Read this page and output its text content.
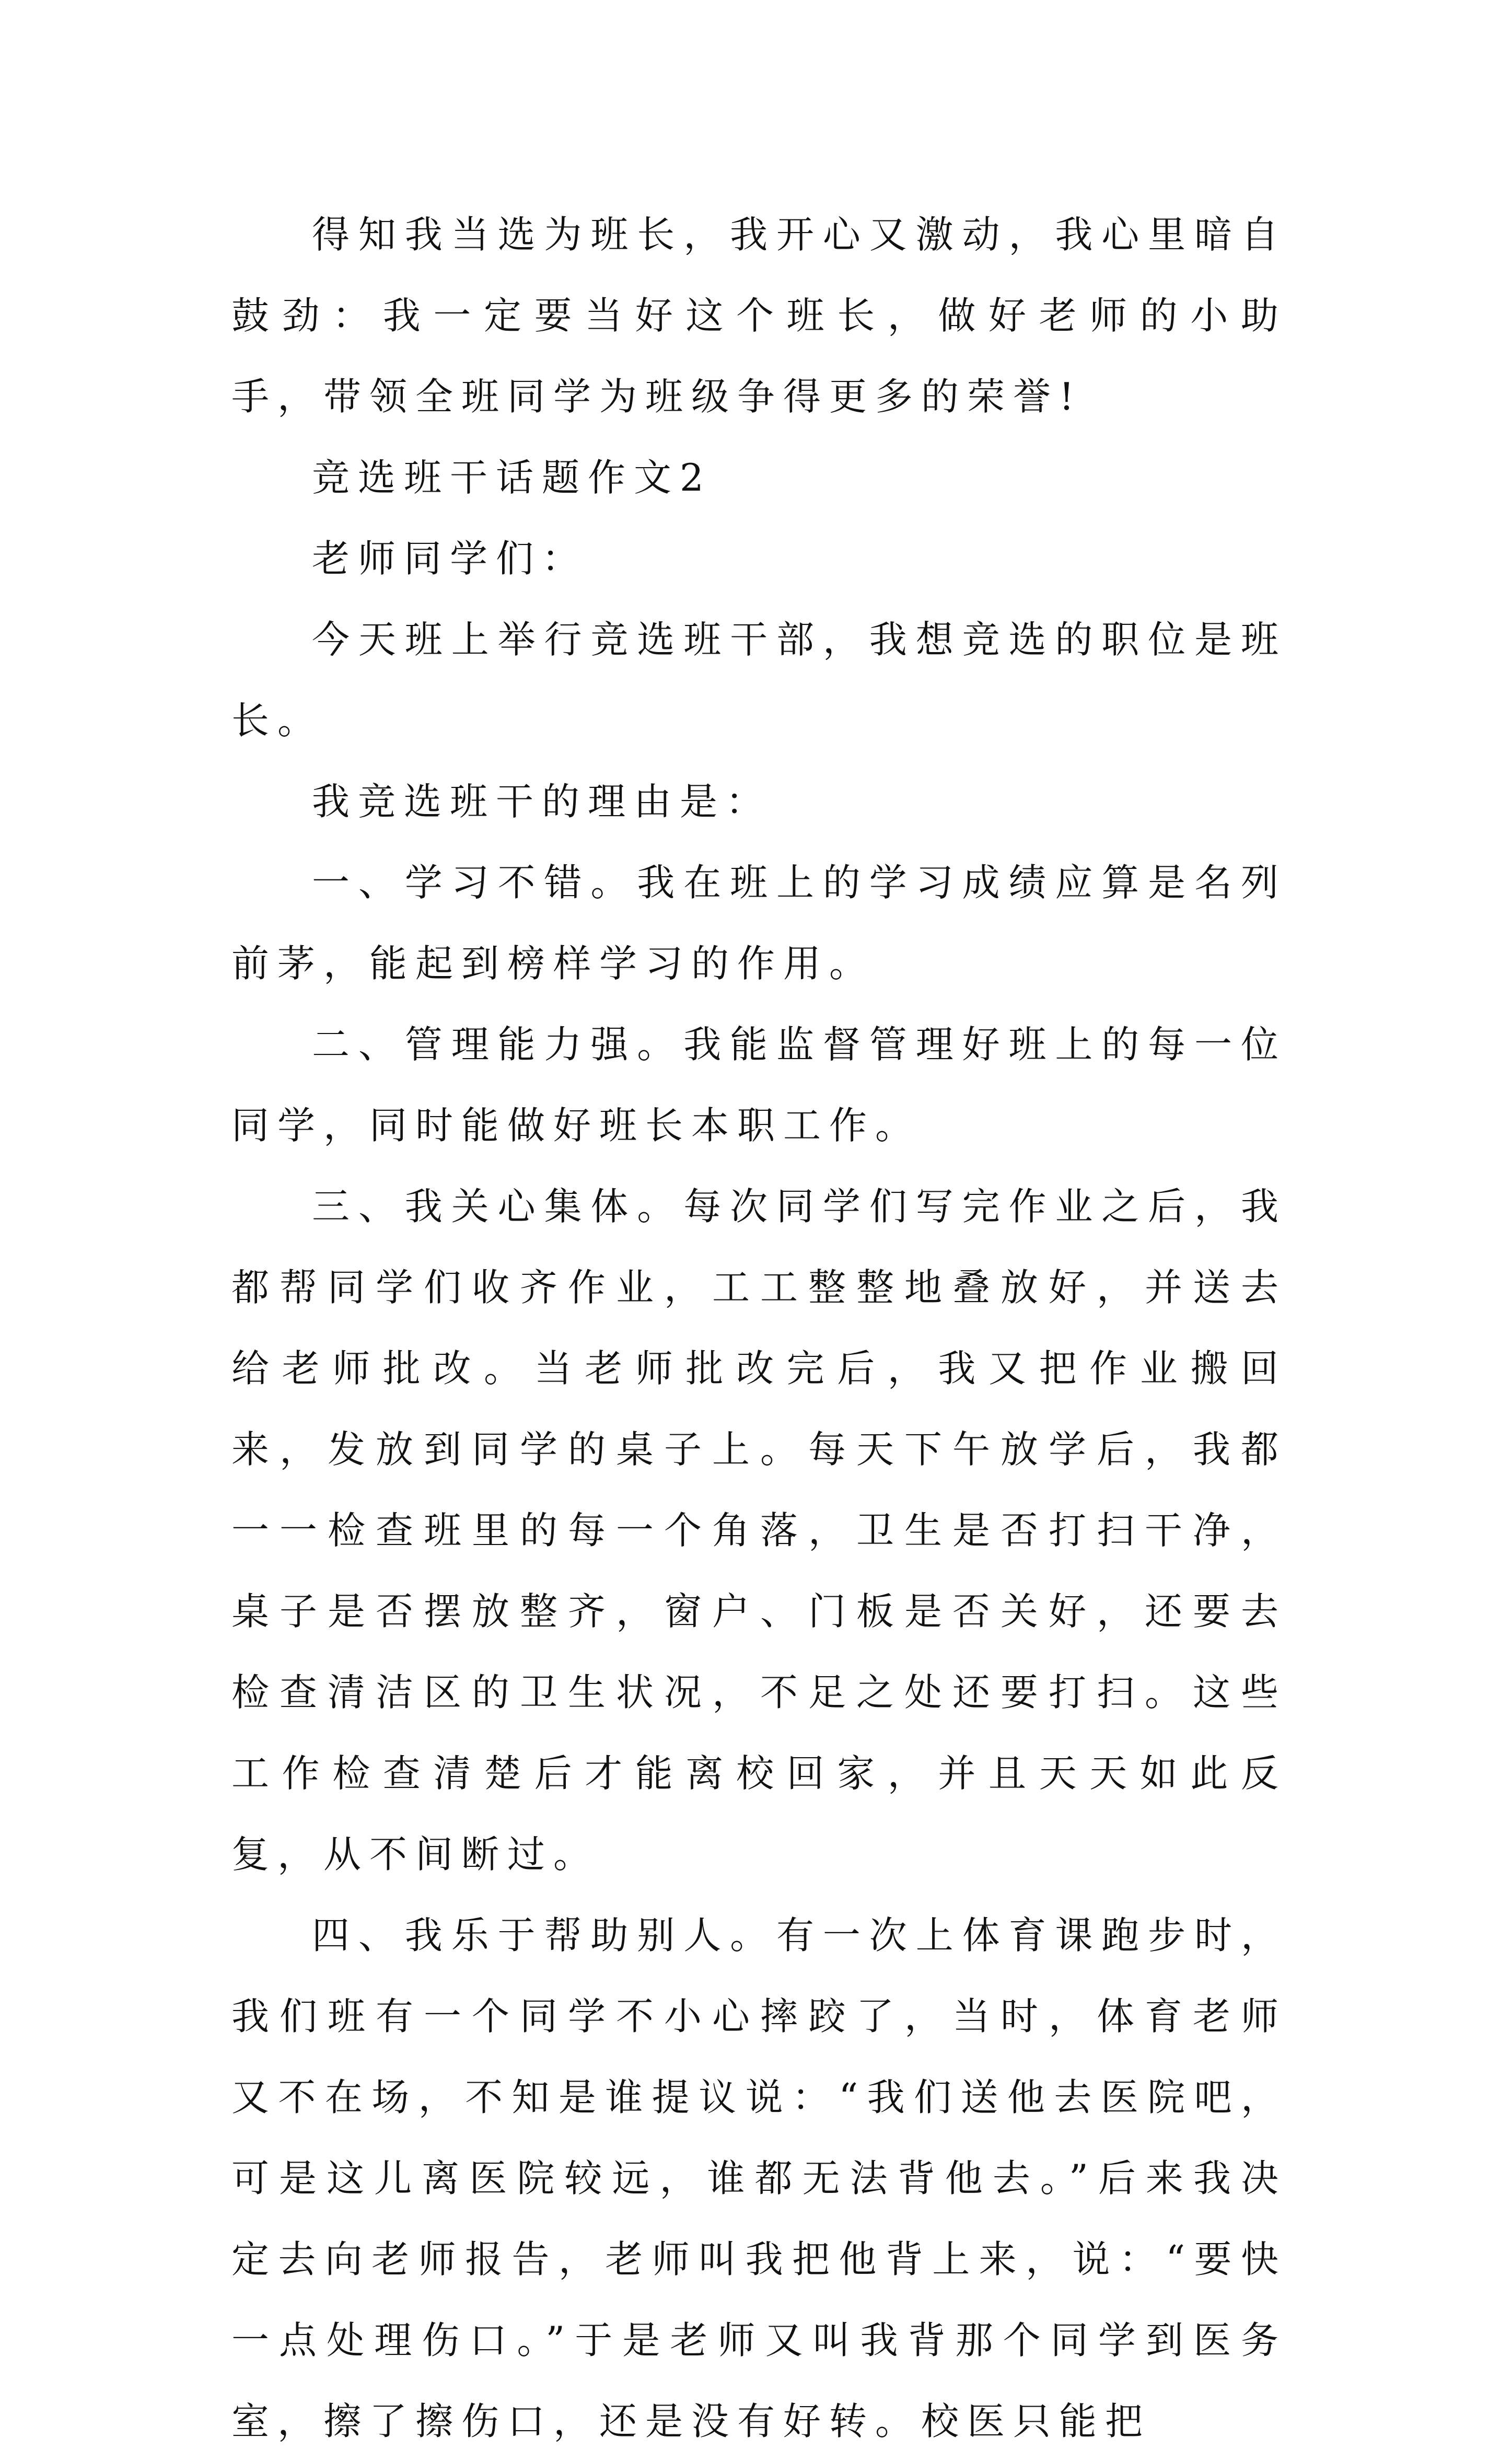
得知我当选为班长，我开心又激动，我心里暗自鼓劲：我一定要当好这个班长，做好老师的小助手，带领全班同学为班级争得更多的荣誉!

竞选班干话题作文2

老师同学们：

今天班上举行竞选班干部，我想竞选的职位是班长。

我竞选班干的理由是：

一、学习不错。我在班上的学习成绩应算是名列前茅，能起到榜样学习的作用。

二、管理能力强。我能监督管理好班上的每一位同学，同时能做好班长本职工作。

三、我关心集体。每次同学们写完作业之后，我都帮同学们收齐作业，工工整整地叠放好，并送去给老师批改。当老师批改完后，我又把作业搬回来，发放到同学的桌子上。每天下午放学后，我都一一检查班里的每一个角落，卫生是否打扫干净，桌子是否摆放整齐，窗户、门板是否关好，还要去检查清洁区的卫生状况，不足之处还要打扫。这些工作检查清楚后才能离校回家，并且天天如此反复，从不间断过。

四、我乐于帮助别人。有一次上体育课跑步时，我们班有一个同学不小心摔跤了，当时，体育老师又不在场，不知是谁提议说：“我们送他去医院吧，可是这儿离医院较远，谁都无法背他去。”后来我决定去向老师报告，老师叫我把他背上来，说：“要快一点处理伤口。”于是老师又叫我背那个同学到医务室，擦了擦伤口，还是没有好转。校医只能把
